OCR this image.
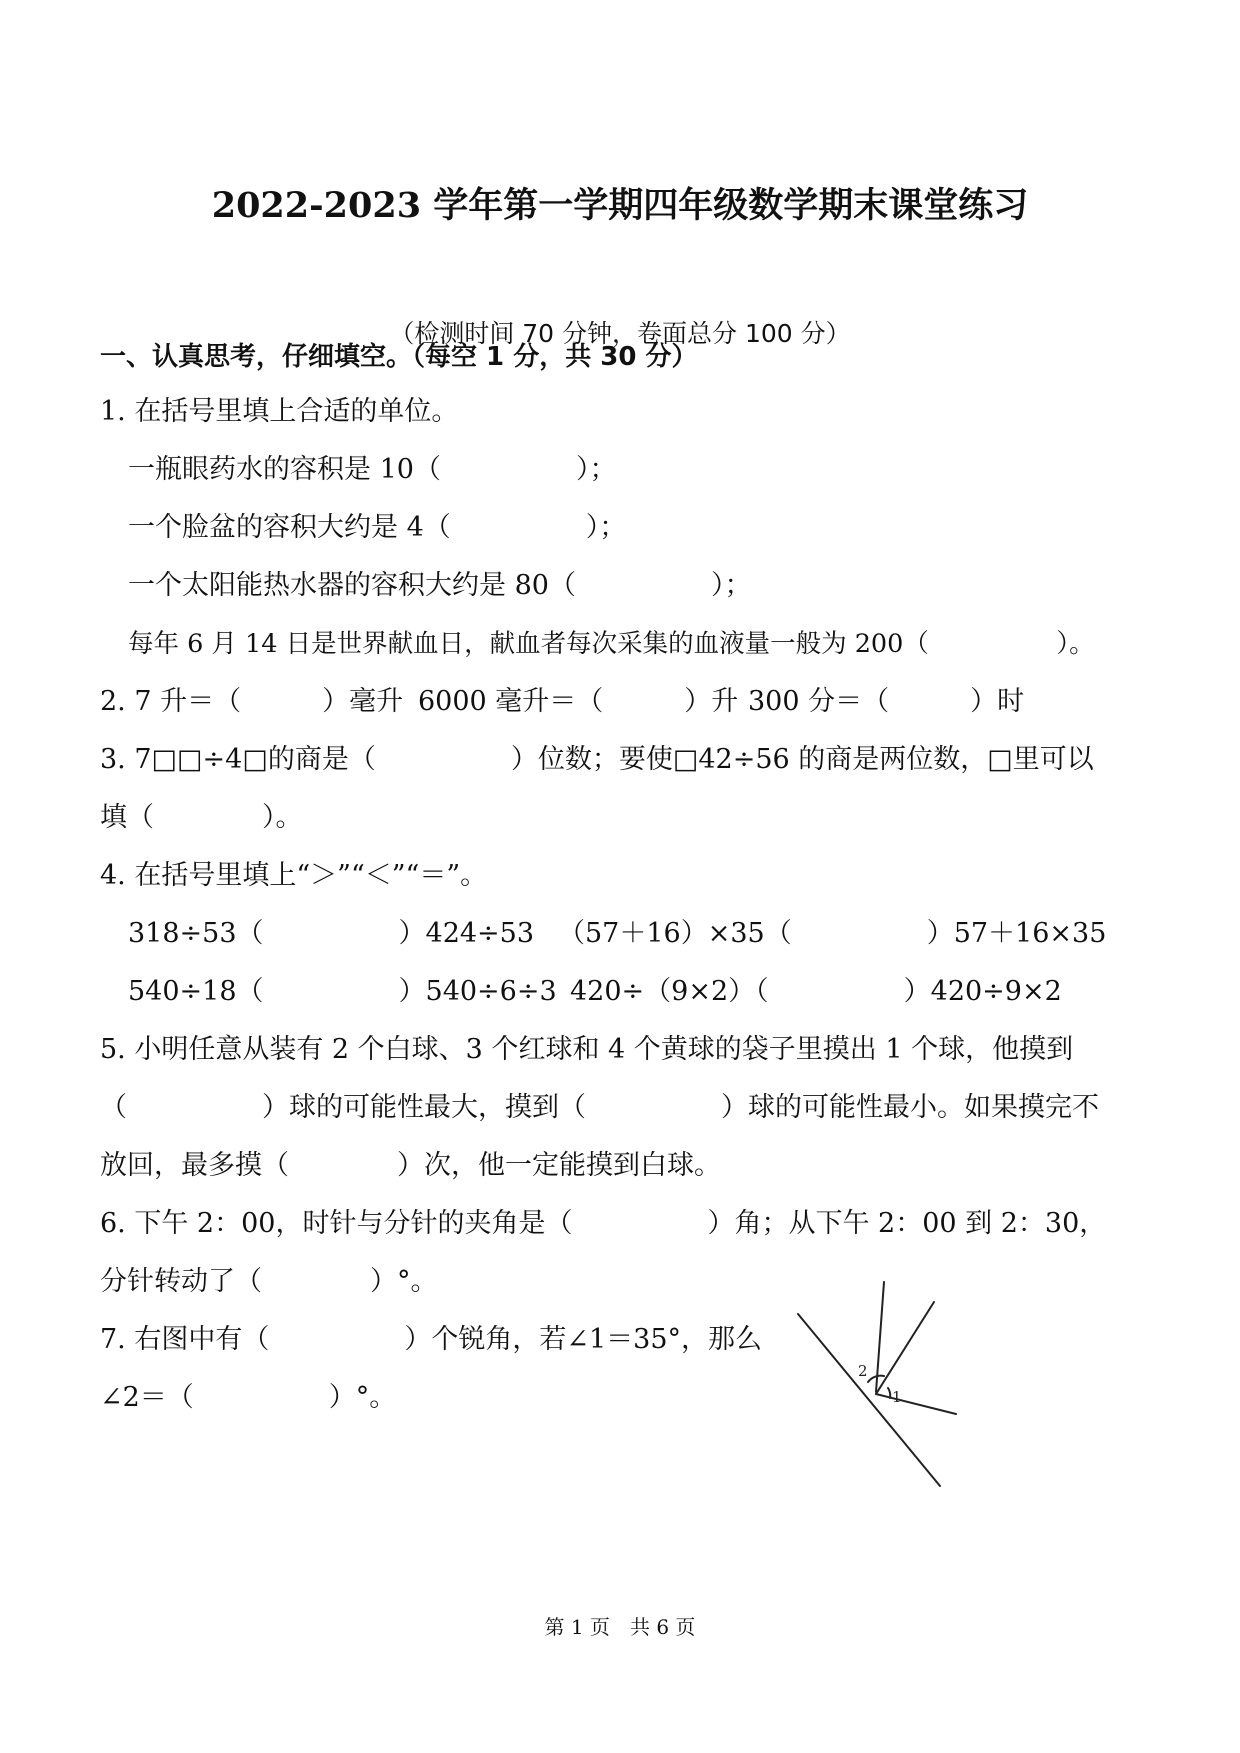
2022-2023 学年第一学期四年级数学期末课堂练习
（检测时间 70 分钟，卷面总分 100 分）
一、认真思考，仔细填空。（每空 1 分，共 30 分）
1. 在括号里填上合适的单位。
一瓶眼药水的容积是 10（　　　　　）；
一个脸盆的容积大约是 4（　　　　　）；
一个太阳能热水器的容积大约是 80（　　　　　）；
每年 6 月 14 日是世界献血日，献血者每次采集的血液量一般为 200（　　　　　）。
2. 7 升＝（　　　）毫升 6000 毫升＝（　　　）升 300 分＝（　　　）时
3. 7□□÷4□的商是（　　　　　）位数；要使□42÷56 的商是两位数，□里可以
填（　　　　）。
4. 在括号里填上“＞”“＜”“＝”。
318÷53（　　　　　）424÷53 （57＋16）×35（　　　　　）57＋16×35
540÷18（　　　　　）540÷6÷3 420÷（9×2）（　　　　　）420÷9×2
5. 小明任意从装有 2 个白球、3 个红球和 4 个黄球的袋子里摸出 1 个球，他摸到
（　　　　　）球的可能性最大，摸到（　　　　　）球的可能性最小。如果摸完不
放回，最多摸（　　　　）次，他一定能摸到白球。
6. 下午 2：00，时针与分针的夹角是（　　　　　）角；从下午 2：00 到 2：30，
分针转动了（　　　　）°。
7. 右图中有（　　　　　）个锐角，若∠1＝35°，那么
∠2＝（　　　　　）°。
2
1
第 1 页　共 6 页
